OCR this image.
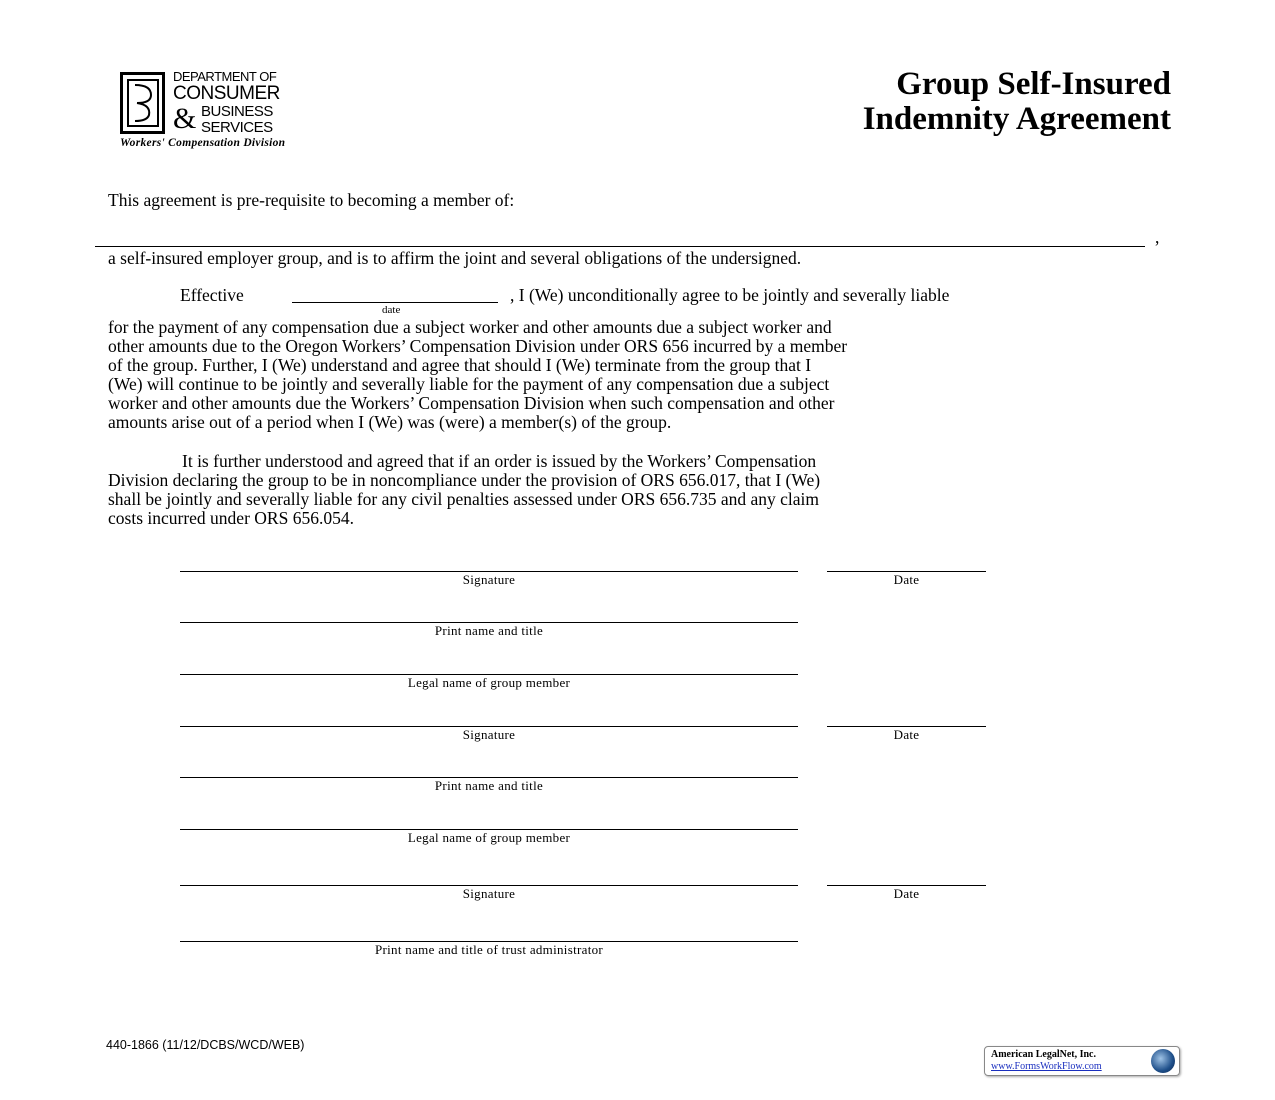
DEPARTMENT OF
CONSUMER
& BUSINESS
SERVICES
Workers' Compensation Division
Group Self-Insured
Indemnity Agreement
This agreement is pre-requisite to becoming a member of:
,
a self-insured employer group, and is to affirm the joint and several obligations of the undersigned.
Effective
date
, I (We) unconditionally agree to be jointly and severally liable
for the payment of any compensation due a subject worker and other amounts due a subject worker and
other amounts due to the Oregon Workers’ Compensation Division under ORS 656 incurred by a member
of the group. Further, I (We) understand and agree that should I (We) terminate from the group that I
(We) will continue to be jointly and severally liable for the payment of any compensation due a subject
worker and other amounts due the Workers’ Compensation Division when such compensation and other
amounts arise out of a period when I (We) was (were) a member(s) of the group.
It is further understood and agreed that if an order is issued by the Workers’ Compensation
Division declaring the group to be in noncompliance under the provision of ORS 656.017, that I (We)
shall be jointly and severally liable for any civil penalties assessed under ORS 656.735 and any claim
costs incurred under ORS 656.054.
Signature	Date
Print name and title
Legal name of group member
Signature	Date
Print name and title
Legal name of group member
Signature	Date
Print name and title of trust administrator
440-1866 (11/12/DCBS/WCD/WEB)
American LegalNet, Inc.
www.FormsWorkFlow.com
